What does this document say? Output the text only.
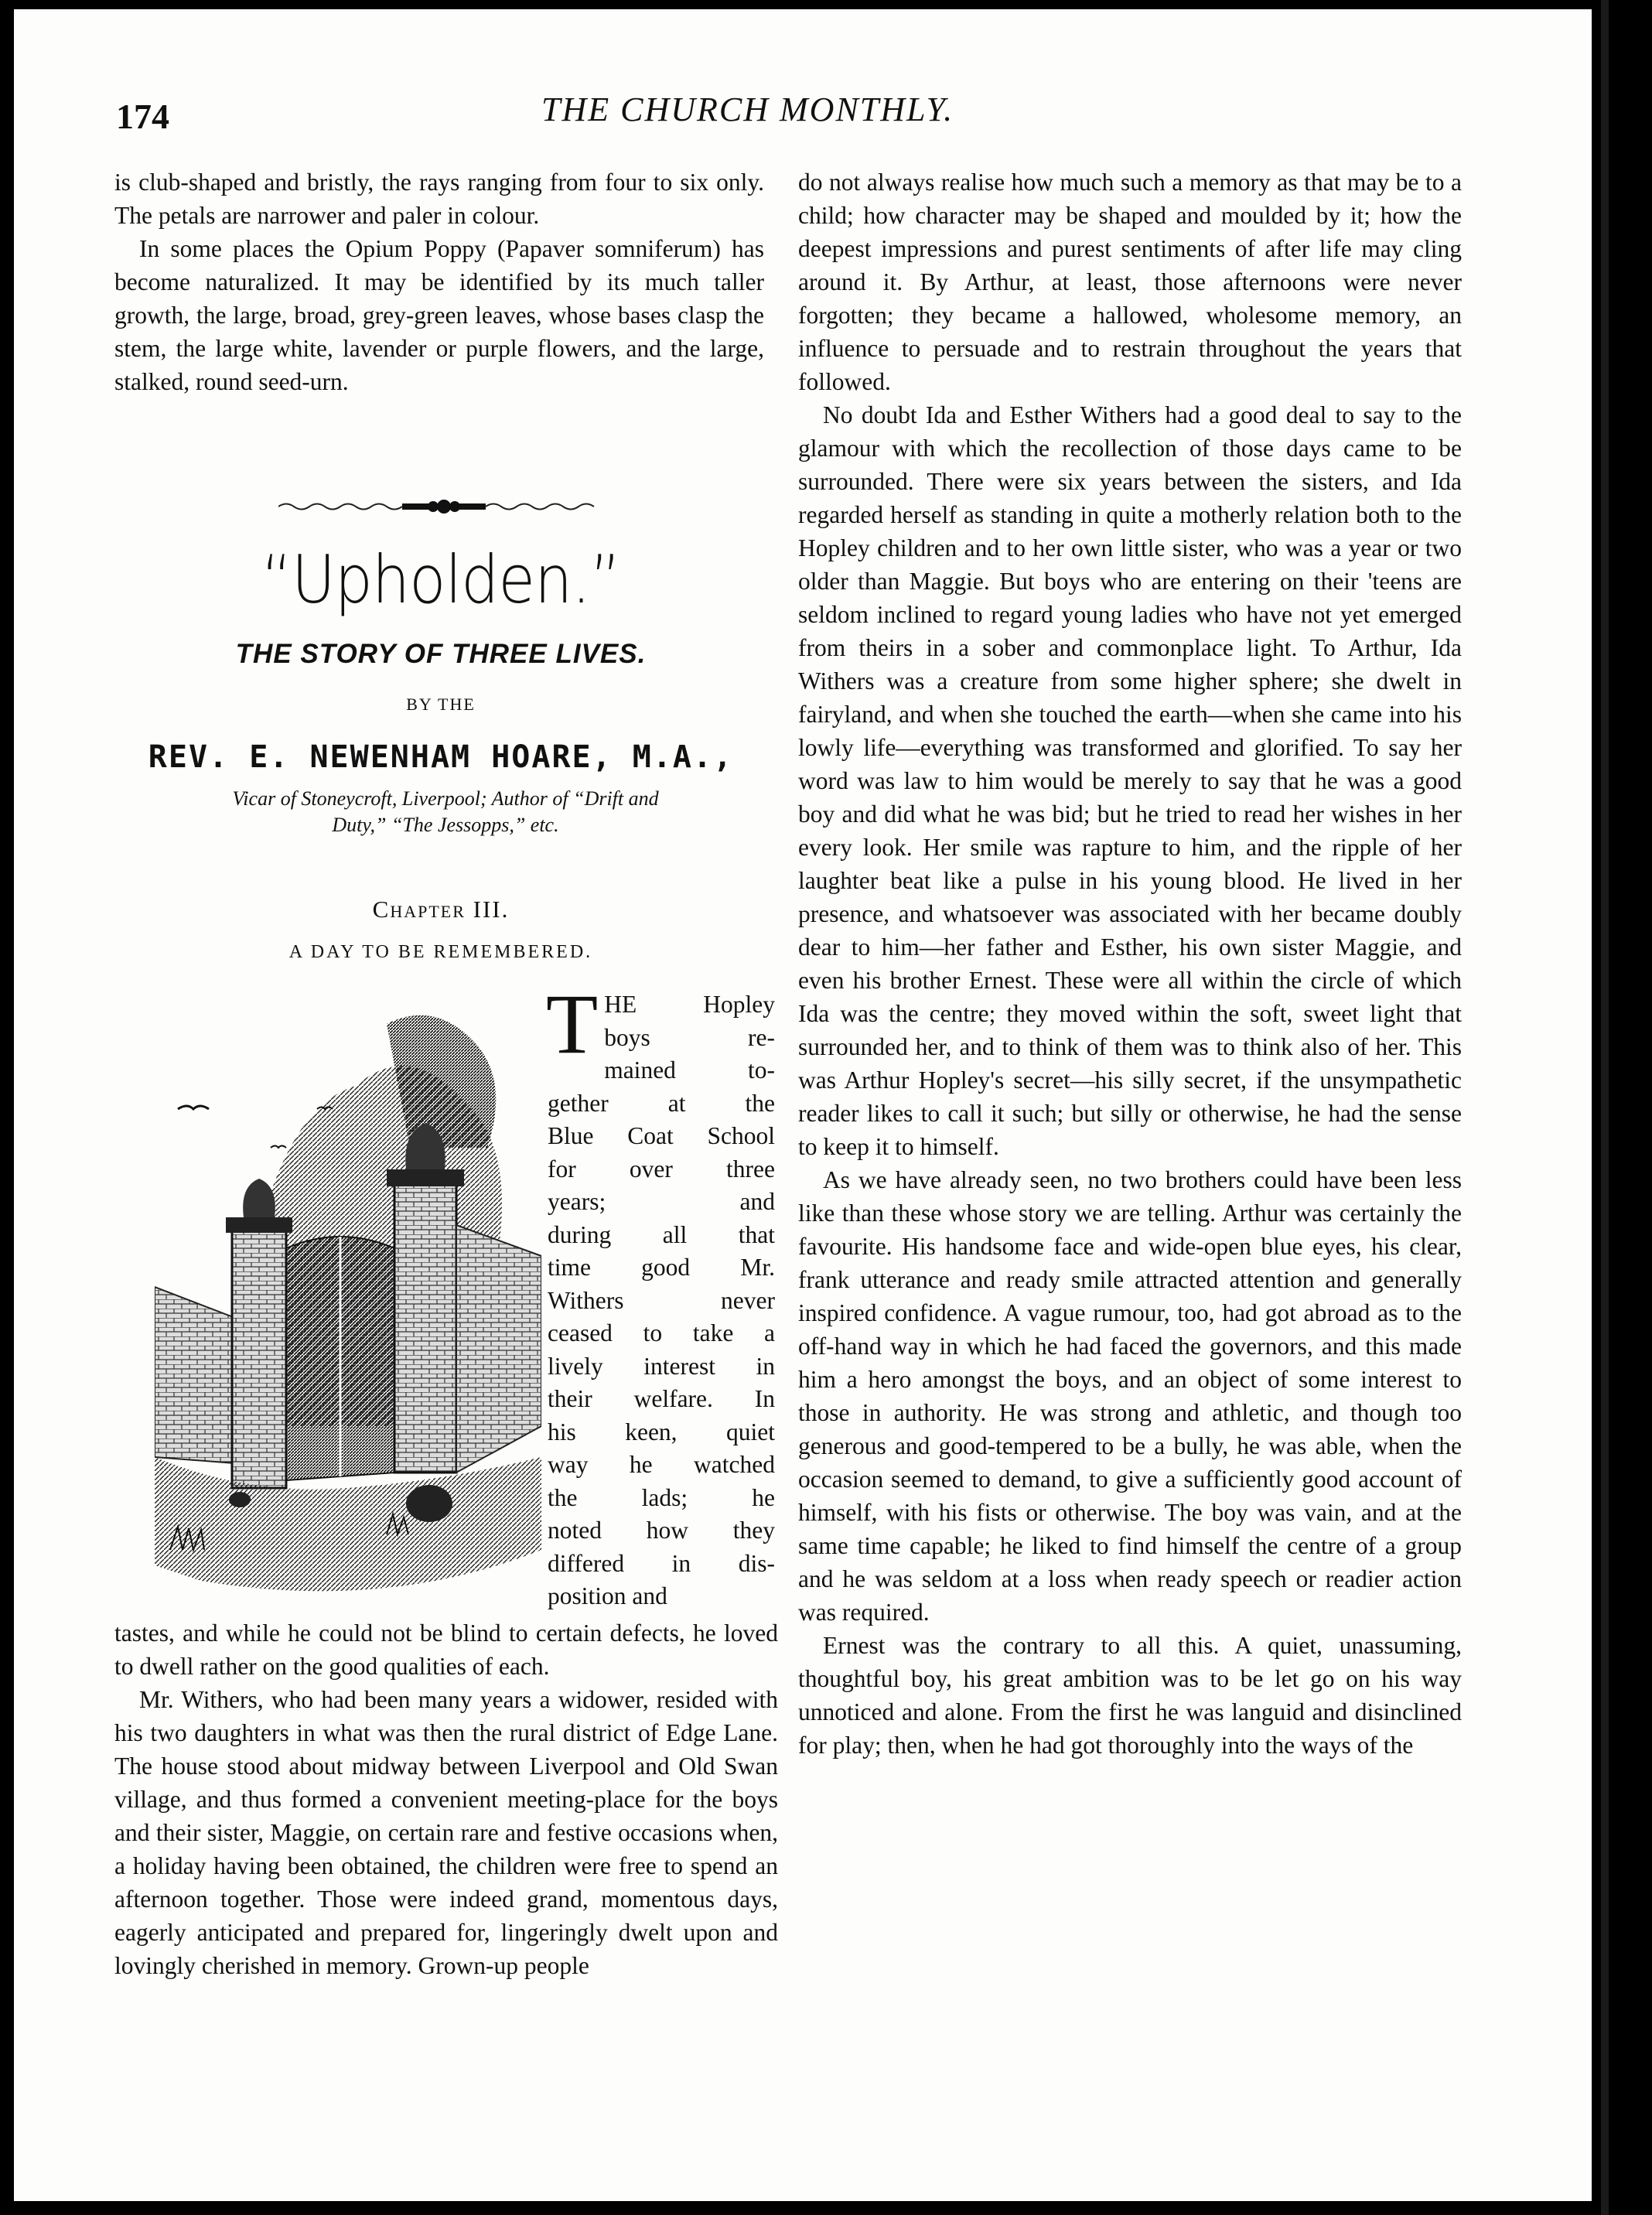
174	THE CHURCH MONTHLY.

is club-shaped and bristly, the rays ranging from four to six only. The petals are narrower and paler in colour.

In some places the Opium Poppy (Papaver somniferum) has become naturalized. It may be identified by its much taller growth, the large, broad, grey-green leaves, whose bases clasp the stem, the large white, lavender or purple flowers, and the large, stalked, round seed-urn.

“Upholden.”
THE STORY OF THREE LIVES.
BY THE
REV. E. NEWENHAM HOARE, M.A.,
Vicar of Stoneycroft, Liverpool; Author of “Drift and Duty,” “The Jessopps,” etc.
Chapter III.
A DAY TO BE REMEMBERED.
T HE Hopley
boys re-
mained to-
gether at the
Blue Coat School
for over three
years; and
during all that
time good Mr.
Withers never
ceased to take a
lively interest in
their welfare. In
his keen, quiet
way he watched
the lads; he
noted how they
differed in dis-
position and

tastes, and while he could not be blind to certain defects, he loved to dwell rather on the good qualities of each.

Mr. Withers, who had been many years a widower, resided with his two daughters in what was then the rural district of Edge Lane. The house stood about midway between Liverpool and Old Swan village, and thus formed a convenient meeting-place for the boys and their sister, Maggie, on certain rare and festive occasions when, a holiday having been obtained, the children were free to spend an afternoon together. Those were indeed grand, momentous days, eagerly anticipated and prepared for, lingeringly dwelt upon and lovingly cherished in memory. Grown-up people

do not always realise how much such a memory as that may be to a child; how character may be shaped and moulded by it; how the deepest impressions and purest sentiments of after life may cling around it. By Arthur, at least, those afternoons were never forgotten; they became a hallowed, wholesome memory, an influence to persuade and to restrain throughout the years that followed.

No doubt Ida and Esther Withers had a good deal to say to the glamour with which the recollection of those days came to be surrounded. There were six years between the sisters, and Ida regarded herself as standing in quite a motherly relation both to the Hopley children and to her own little sister, who was a year or two older than Maggie. But boys who are entering on their 'teens are seldom inclined to regard young ladies who have not yet emerged from theirs in a sober and commonplace light. To Arthur, Ida Withers was a creature from some higher sphere; she dwelt in fairyland, and when she touched the earth—when she came into his lowly life—everything was transformed and glorified. To say her word was law to him would be merely to say that he was a good boy and did what he was bid; but he tried to read her wishes in her every look. Her smile was rapture to him, and the ripple of her laughter beat like a pulse in his young blood. He lived in her presence, and whatsoever was associated with her became doubly dear to him—her father and Esther, his own sister Maggie, and even his brother Ernest. These were all within the circle of which Ida was the centre; they moved within the soft, sweet light that surrounded her, and to think of them was to think also of her. This was Arthur Hopley's secret—his silly secret, if the unsympathetic reader likes to call it such; but silly or otherwise, he had the sense to keep it to himself.

As we have already seen, no two brothers could have been less like than these whose story we are telling. Arthur was certainly the favourite. His handsome face and wide-open blue eyes, his clear, frank utterance and ready smile attracted attention and generally inspired confidence. A vague rumour, too, had got abroad as to the off-hand way in which he had faced the governors, and this made him a hero amongst the boys, and an object of some interest to those in authority. He was strong and athletic, and though too generous and good-tempered to be a bully, he was able, when the occasion seemed to demand, to give a sufficiently good account of himself, with his fists or otherwise. The boy was vain, and at the same time capable; he liked to find himself the centre of a group and he was seldom at a loss when ready speech or readier action was required.

Ernest was the contrary to all this. A quiet, unassuming, thoughtful boy, his great ambition was to be let go on his way unnoticed and alone. From the first he was languid and disinclined for play; then, when he had got thoroughly into the ways of the
